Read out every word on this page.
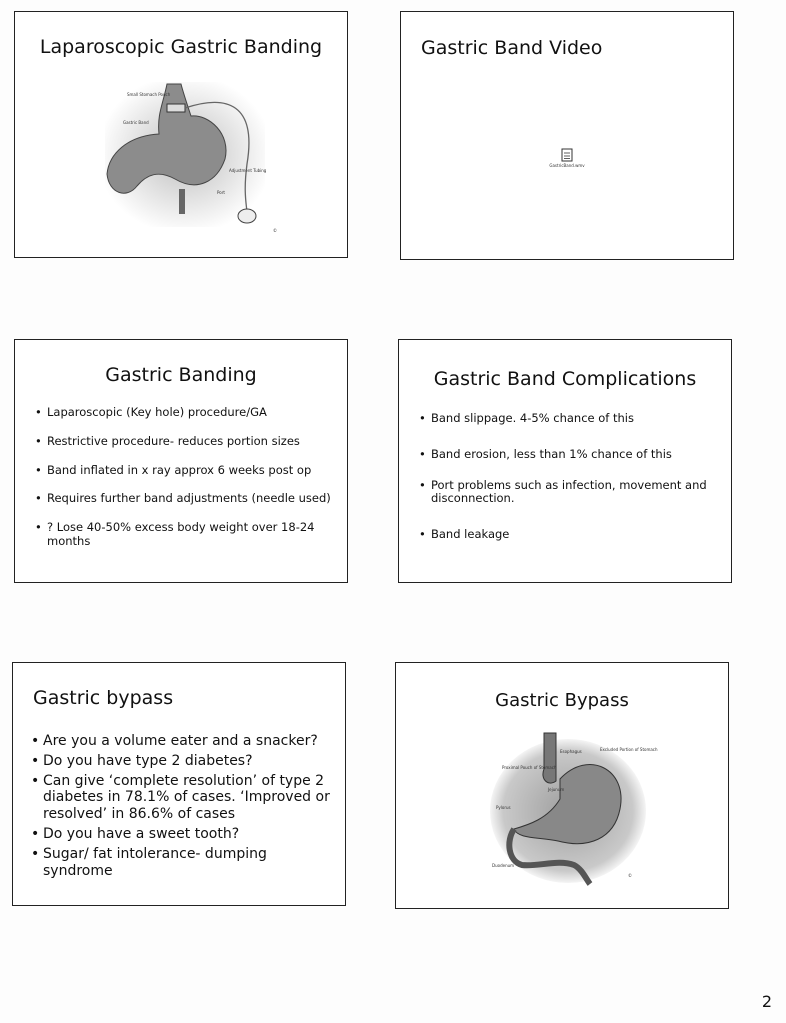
Laparoscopic Gastric Banding
Small Stomach Pouch
Gastric Band
Adjustment Tubing
Port
©
Gastric Band Video
GastricBand.wmv
Gastric Banding
• Laparoscopic (Key hole) procedure/GA
• Restrictive procedure- reduces portion sizes
• Band inflated in x ray approx 6 weeks post op
• Requires further band adjustments (needle used)
• ? Lose 40-50% excess body weight over 18-24 months
Gastric Band Complications
• Band slippage. 4-5% chance of this
• Band erosion, less than 1% chance of this
• Port problems such as infection, movement and disconnection.
• Band leakage
Gastric bypass
• Are you a volume eater and a snacker?
• Do you have type 2 diabetes?
• Can give ‘complete resolution’ of type 2 diabetes in 78.1% of cases. ‘Improved or resolved’ in 86.6% of cases
• Do you have a sweet tooth?
• Sugar/ fat intolerance- dumping syndrome
Gastric Bypass
Esophagus	Excluded Portion of Stomach
Proximal Pouch of Stomach
Jejunum
Pylorus
Duodenum
©
2
